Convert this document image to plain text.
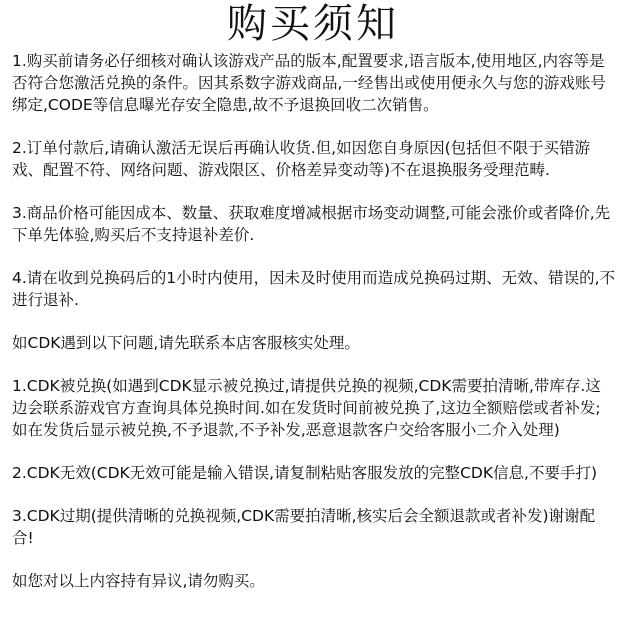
购买须知

1.购买前请务必仔细核对确认该游戏产品的版本,配置要求,语言版本,使用地区,内容等是否符合您激活兑换的条件。因其系数字游戏商品,一经售出或使用便永久与您的游戏账号绑定,CODE等信息曝光存安全隐患,故不予退换回收二次销售。

2.订单付款后,请确认激活无误后再确认收货.但,如因您自身原因(包括但不限于买错游戏、配置不符、网络问题、游戏限区、价格差异变动等)不在退换服务受理范畴.

3.商品价格可能因成本、数量、获取难度增减根据市场变动调整,可能会涨价或者降价,先下单先体验,购买后不支持退补差价.

4.请在收到兑换码后的1小时内使用，因未及时使用而造成兑换码过期、无效、错误的,不进行退补.

如CDK遇到以下问题,请先联系本店客服核实处理。

1.CDK被兑换(如遇到CDK显示被兑换过,请提供兑换的视频,CDK需要拍清晰,带库存.这边会联系游戏官方查询具体兑换时间.如在发货时间前被兑换了,这边全额赔偿或者补发;如在发货后显示被兑换,不予退款,不予补发,恶意退款客户交给客服小二介入处理)

2.CDK无效(CDK无效可能是输入错误,请复制粘贴客服发放的完整CDK信息,不要手打)

3.CDK过期(提供清晰的兑换视频,CDK需要拍清晰,核实后会全额退款或者补发)谢谢配合!

如您对以上内容持有异议,请勿购买。
